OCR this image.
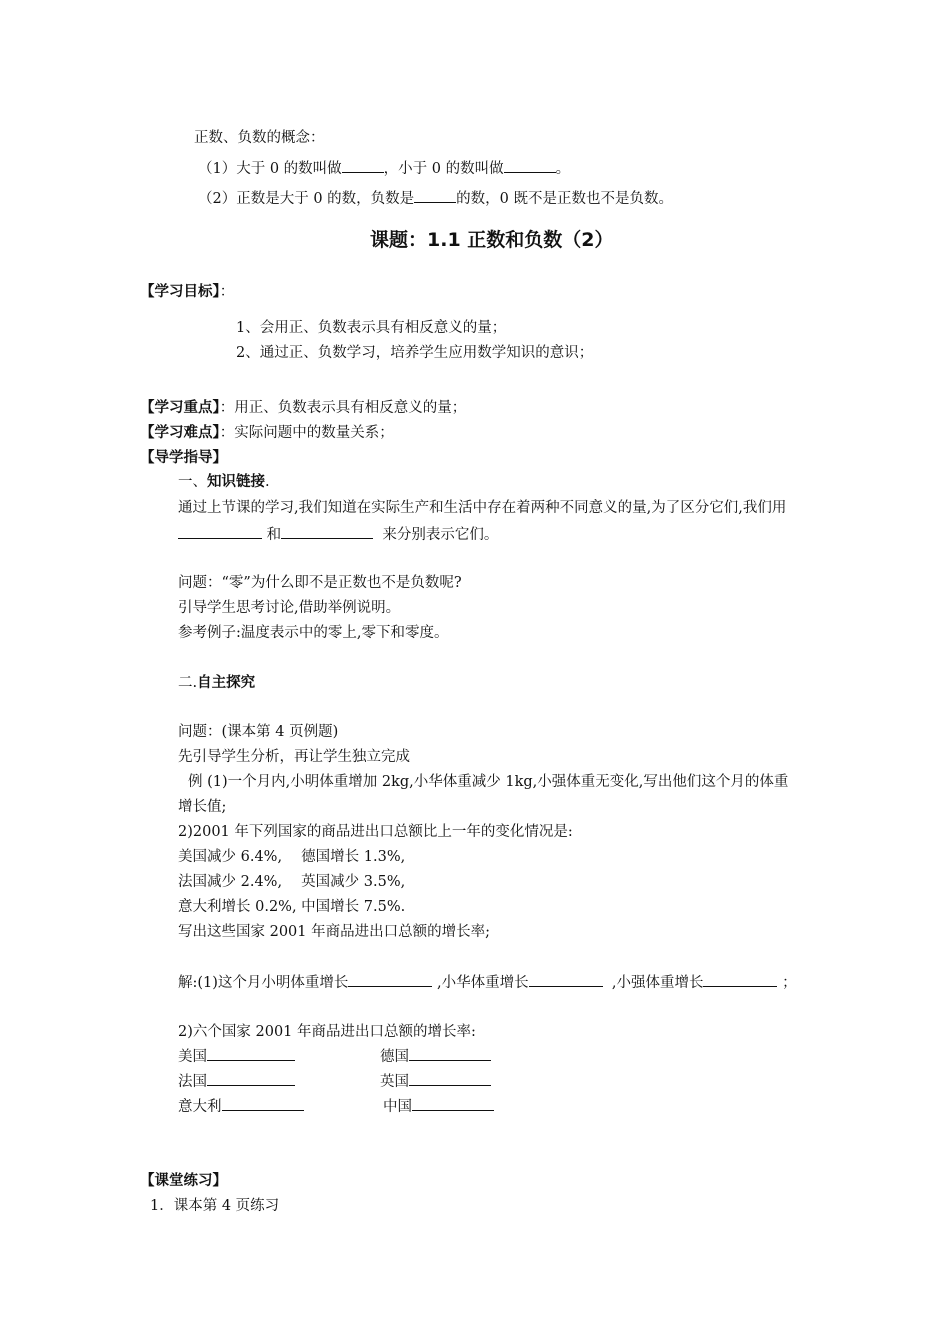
正数、负数的概念：
（1）大于 0 的数叫做	，小于 0 的数叫做	。
（2）正数是大于 0 的数，负数是	的数，0 既不是正数也不是负数。
课题：1.1 正数和负数（2）
【学习目标】：
1、会用正、负数表示具有相反意义的量；
2、通过正、负数学习，培养学生应用数学知识的意识；
【学习重点】：用正、负数表示具有相反意义的量；
【学习难点】：实际问题中的数量关系；
【导学指导】
一、知识链接.
通过上节课的学习,我们知道在实际生产和生活中存在着两种不同意义的量,为了区分它们,我们用
和	来分别表示它们。
问题：“零”为什么即不是正数也不是负数呢?
引导学生思考讨论,借助举例说明。
参考例子:温度表示中的零上,零下和零度。
二.自主探究
问题：(课本第 4 页例题)
先引导学生分析，再让学生独立完成
例 (1)一个月内,小明体重增加 2kg,小华体重减少 1kg,小强体重无变化,写出他们这个月的体重
增长值;
2)2001 年下列国家的商品进出口总额比上一年的变化情况是:
美国减少 6.4%,　 德国增长 1.3%,
法国减少 2.4%,　 英国减少 3.5%,
意大利增长 0.2%, 中国增长 7.5%.
写出这些国家 2001 年商品进出口总额的增长率;
解:(1)这个月小明体重增长	,小华体重增长	,小强体重增长	；
2)六个国家 2001 年商品进出口总额的增长率:
美国	德国
法国	英国
意大利	中国
【课堂练习】
1．课本第 4 页练习
